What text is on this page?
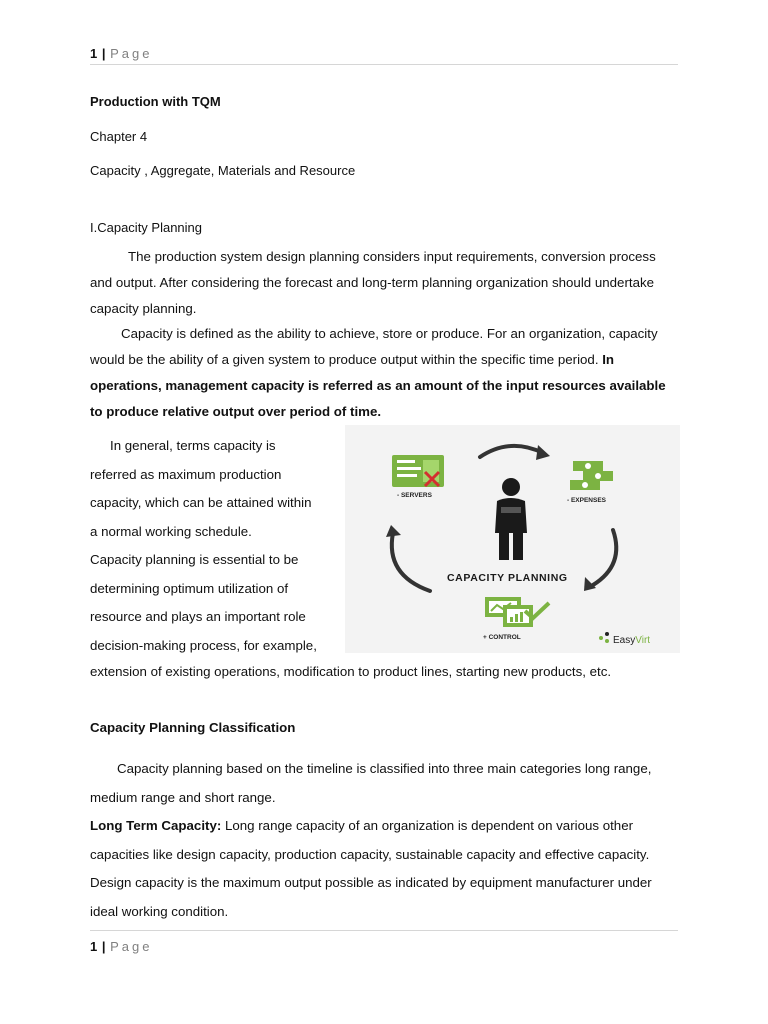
1 | Page
Production with TQM
Chapter 4
Capacity , Aggregate, Materials and Resource
I.Capacity Planning
The production system design planning considers input requirements, conversion process and output. After considering the forecast and long-term planning organization should undertake capacity planning.
Capacity is defined as the ability to achieve, store or produce. For an organization, capacity would be the ability of a given system to produce output within the specific time period. In operations, management capacity is referred as an amount of the input resources available to produce relative output over period of time.
In general, terms capacity is
referred as maximum production
capacity, which can be attained within
a normal working schedule.
Capacity planning is essential to be
determining optimum utilization of
resource and plays an important role
decision-making process, for example,
extension of existing operations, modification to product lines, starting new products, etc.
- SERVERS
- EXPENSES
CAPACITY PLANNING
+ CONTROL	EasyVirt
Capacity Planning Classification
Capacity planning based on the timeline is classified into three main categories long range, medium range and short range.
Long Term Capacity: Long range capacity of an organization is dependent on various other capacities like design capacity, production capacity, sustainable capacity and effective capacity. Design capacity is the maximum output possible as indicated by equipment manufacturer under ideal working condition.
1 | Page
